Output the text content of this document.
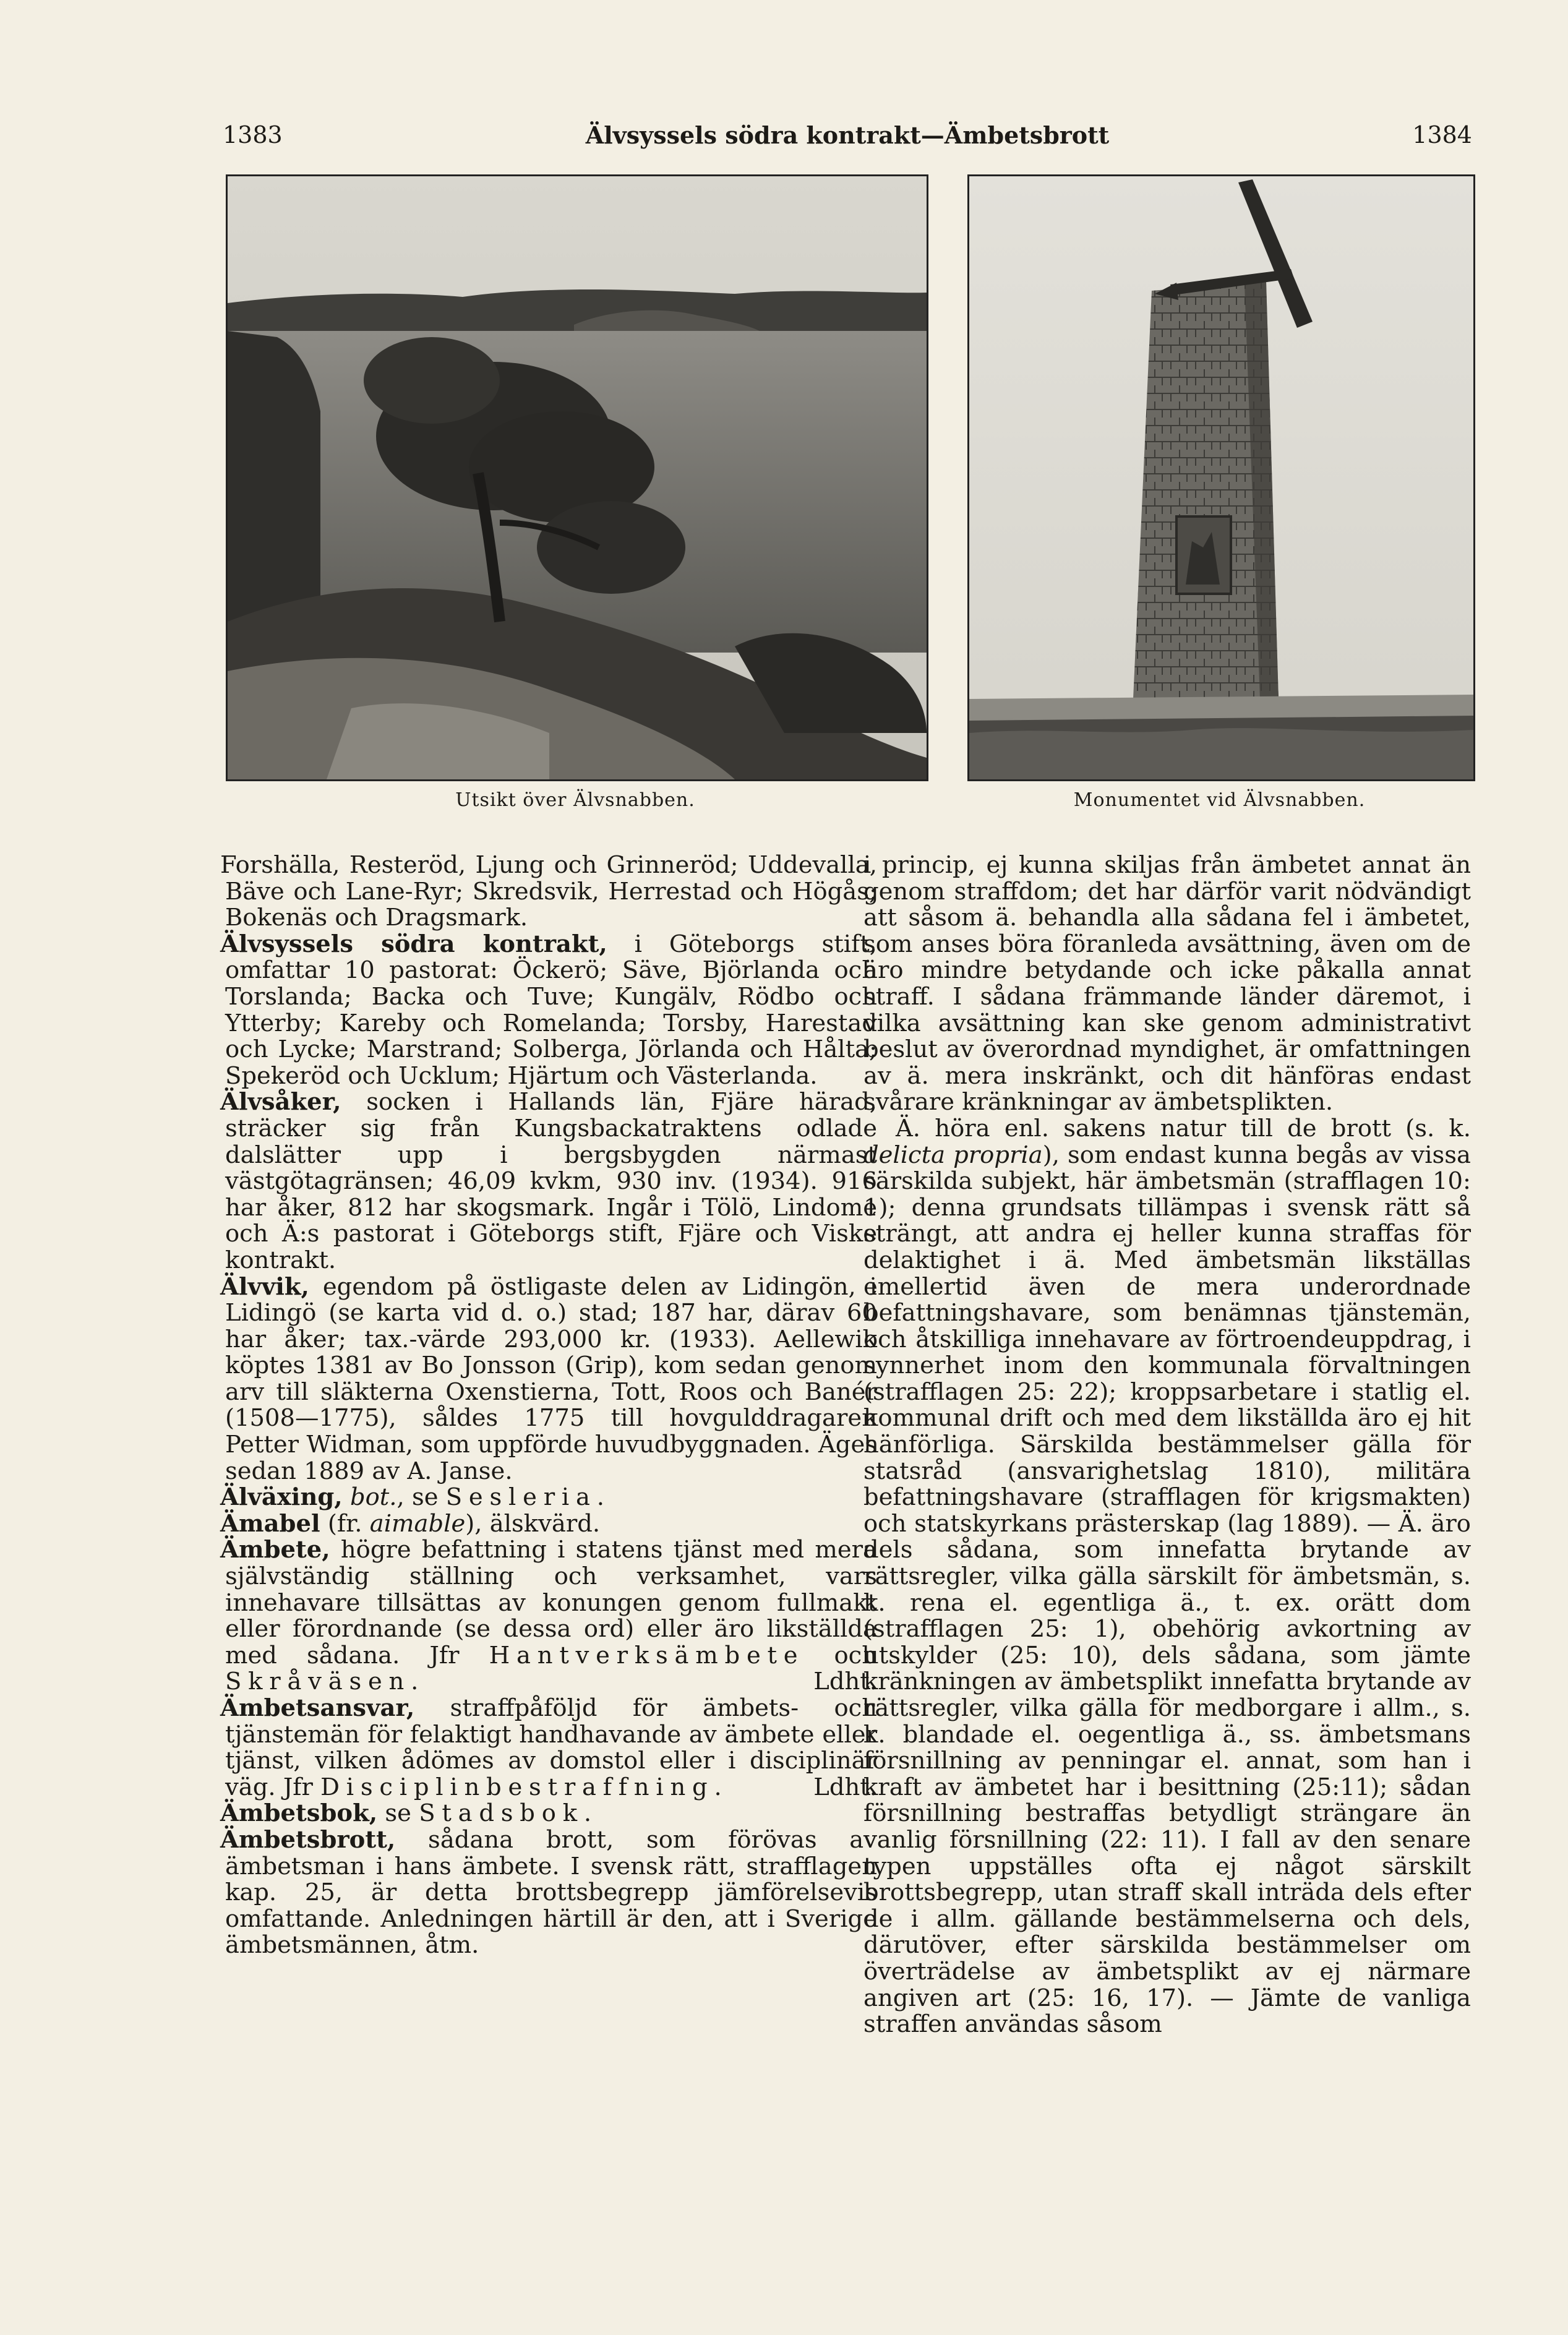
1383	Älvsyssels södra kontrakt—Ämbetsbrott	1384
Utsikt över Älvsnabben.	Monumentet vid Älvsnabben.

Forshälla, Resteröd, Ljung och Grinneröd; Uddevalla, Bäve och Lane-Ryr; Skredsvik, Herrestad och Högås; Bokenäs och Dragsmark.

Älvsyssels södra kontrakt, i Göteborgs stift, omfattar 10 pastorat: Öckerö; Säve, Björlanda och Torslanda; Backa och Tuve; Kungälv, Rödbo och Ytterby; Kareby och Romelanda; Torsby, Harestad och Lycke; Marstrand; Solberga, Jörlanda och Hålta; Spekeröd och Ucklum; Hjärtum och Västerlanda.

Älvsåker, socken i Hallands län, Fjäre härad, sträcker sig från Kungsbackatraktens odlade dalslätter upp i bergsbygden närmast västgötagränsen; 46,09 kvkm, 930 inv. (1934). 916 har åker, 812 har skogsmark. Ingår i Tölö, Lindome och Ä:s pastorat i Göteborgs stift, Fjäre och Viske kontrakt.

Älvvik, egendom på östligaste delen av Lidingön, i Lidingö (se karta vid d. o.) stad; 187 har, därav 60 har åker; tax.-värde 293,000 kr. (1933). Aellewik köptes 1381 av Bo Jonsson (Grip), kom sedan genom arv till släkterna Oxenstierna, Tott, Roos och Banér (1508—1775), såldes 1775 till hovgulddragaren Petter Widman, som uppförde huvudbyggnaden. Äges sedan 1889 av A. Janse.

Älväxing, bot., se Sesleria.

Ämabel (fr. aimable), älskvärd.

Ämbete, högre befattning i statens tjänst med mera självständig ställning och verksamhet, vars innehavare tillsättas av konungen genom fullmakt eller förordnande (se dessa ord) eller äro likställda med sådana. Jfr Hantverksämbete och Skråväsen.	Ldht.

Ämbetsansvar, straffpåföljd för ämbets- och tjänstemän för felaktigt handhavande av ämbete eller tjänst, vilken ådömes av domstol eller i disciplinär väg. Jfr Disciplinbestraffning.	Ldht.

Ämbetsbok, se Stadsbok.

Ämbetsbrott, sådana brott, som förövas av ämbetsman i hans ämbete. I svensk rätt, strafflagen kap. 25, är detta brottsbegrepp jämförelsevis omfattande. Anledningen härtill är den, att i Sverige ämbetsmännen, åtm.

i princip, ej kunna skiljas från ämbetet annat än genom straffdom; det har därför varit nödvändigt att såsom ä. behandla alla sådana fel i ämbetet, som anses böra föranleda avsättning, även om de äro mindre betydande och icke påkalla annat straff. I sådana främmande länder däremot, i vilka avsättning kan ske genom administrativt beslut av överordnad myndighet, är omfattningen av ä. mera inskränkt, och dit hänföras endast svårare kränkningar av ämbetsplikten.

Ä. höra enl. sakens natur till de brott (s. k. delicta propria), som endast kunna begås av vissa särskilda subjekt, här ämbetsmän (strafflagen 10: 1); denna grundsats tillämpas i svensk rätt så strängt, att andra ej heller kunna straffas för delaktighet i ä. Med ämbetsmän likställas emellertid även de mera underordnade befattningshavare, som benämnas tjänstemän, och åtskilliga innehavare av förtroendeuppdrag, i synnerhet inom den kommunala förvaltningen (strafflagen 25: 22); kroppsarbetare i statlig el. kommunal drift och med dem likställda äro ej hit hänförliga. Särskilda bestämmelser gälla för statsråd (ansvarighetslag 1810), militära befattningshavare (strafflagen för krigsmakten) och statskyrkans prästerskap (lag 1889). — Ä. äro dels sådana, som innefatta brytande av rättsregler, vilka gälla särskilt för ämbetsmän, s. k. rena el. egentliga ä., t. ex. orätt dom (strafflagen 25: 1), obehörig avkortning av utskylder (25: 10), dels sådana, som jämte kränkningen av ämbetsplikt innefatta brytande av rättsregler, vilka gälla för medborgare i allm., s. k. blandade el. oegentliga ä., ss. ämbetsmans försnillning av penningar el. annat, som han i kraft av ämbetet har i besittning (25:11); sådan försnillning bestraffas betydligt strängare än vanlig försnillning (22: 11). I fall av den senare typen uppställes ofta ej något särskilt brottsbegrepp, utan straff skall inträda dels efter de i allm. gällande bestämmelserna och dels, därutöver, efter särskilda bestämmelser om överträdelse av ämbetsplikt av ej närmare angiven art (25: 16, 17). — Jämte de vanliga straffen användas såsom
